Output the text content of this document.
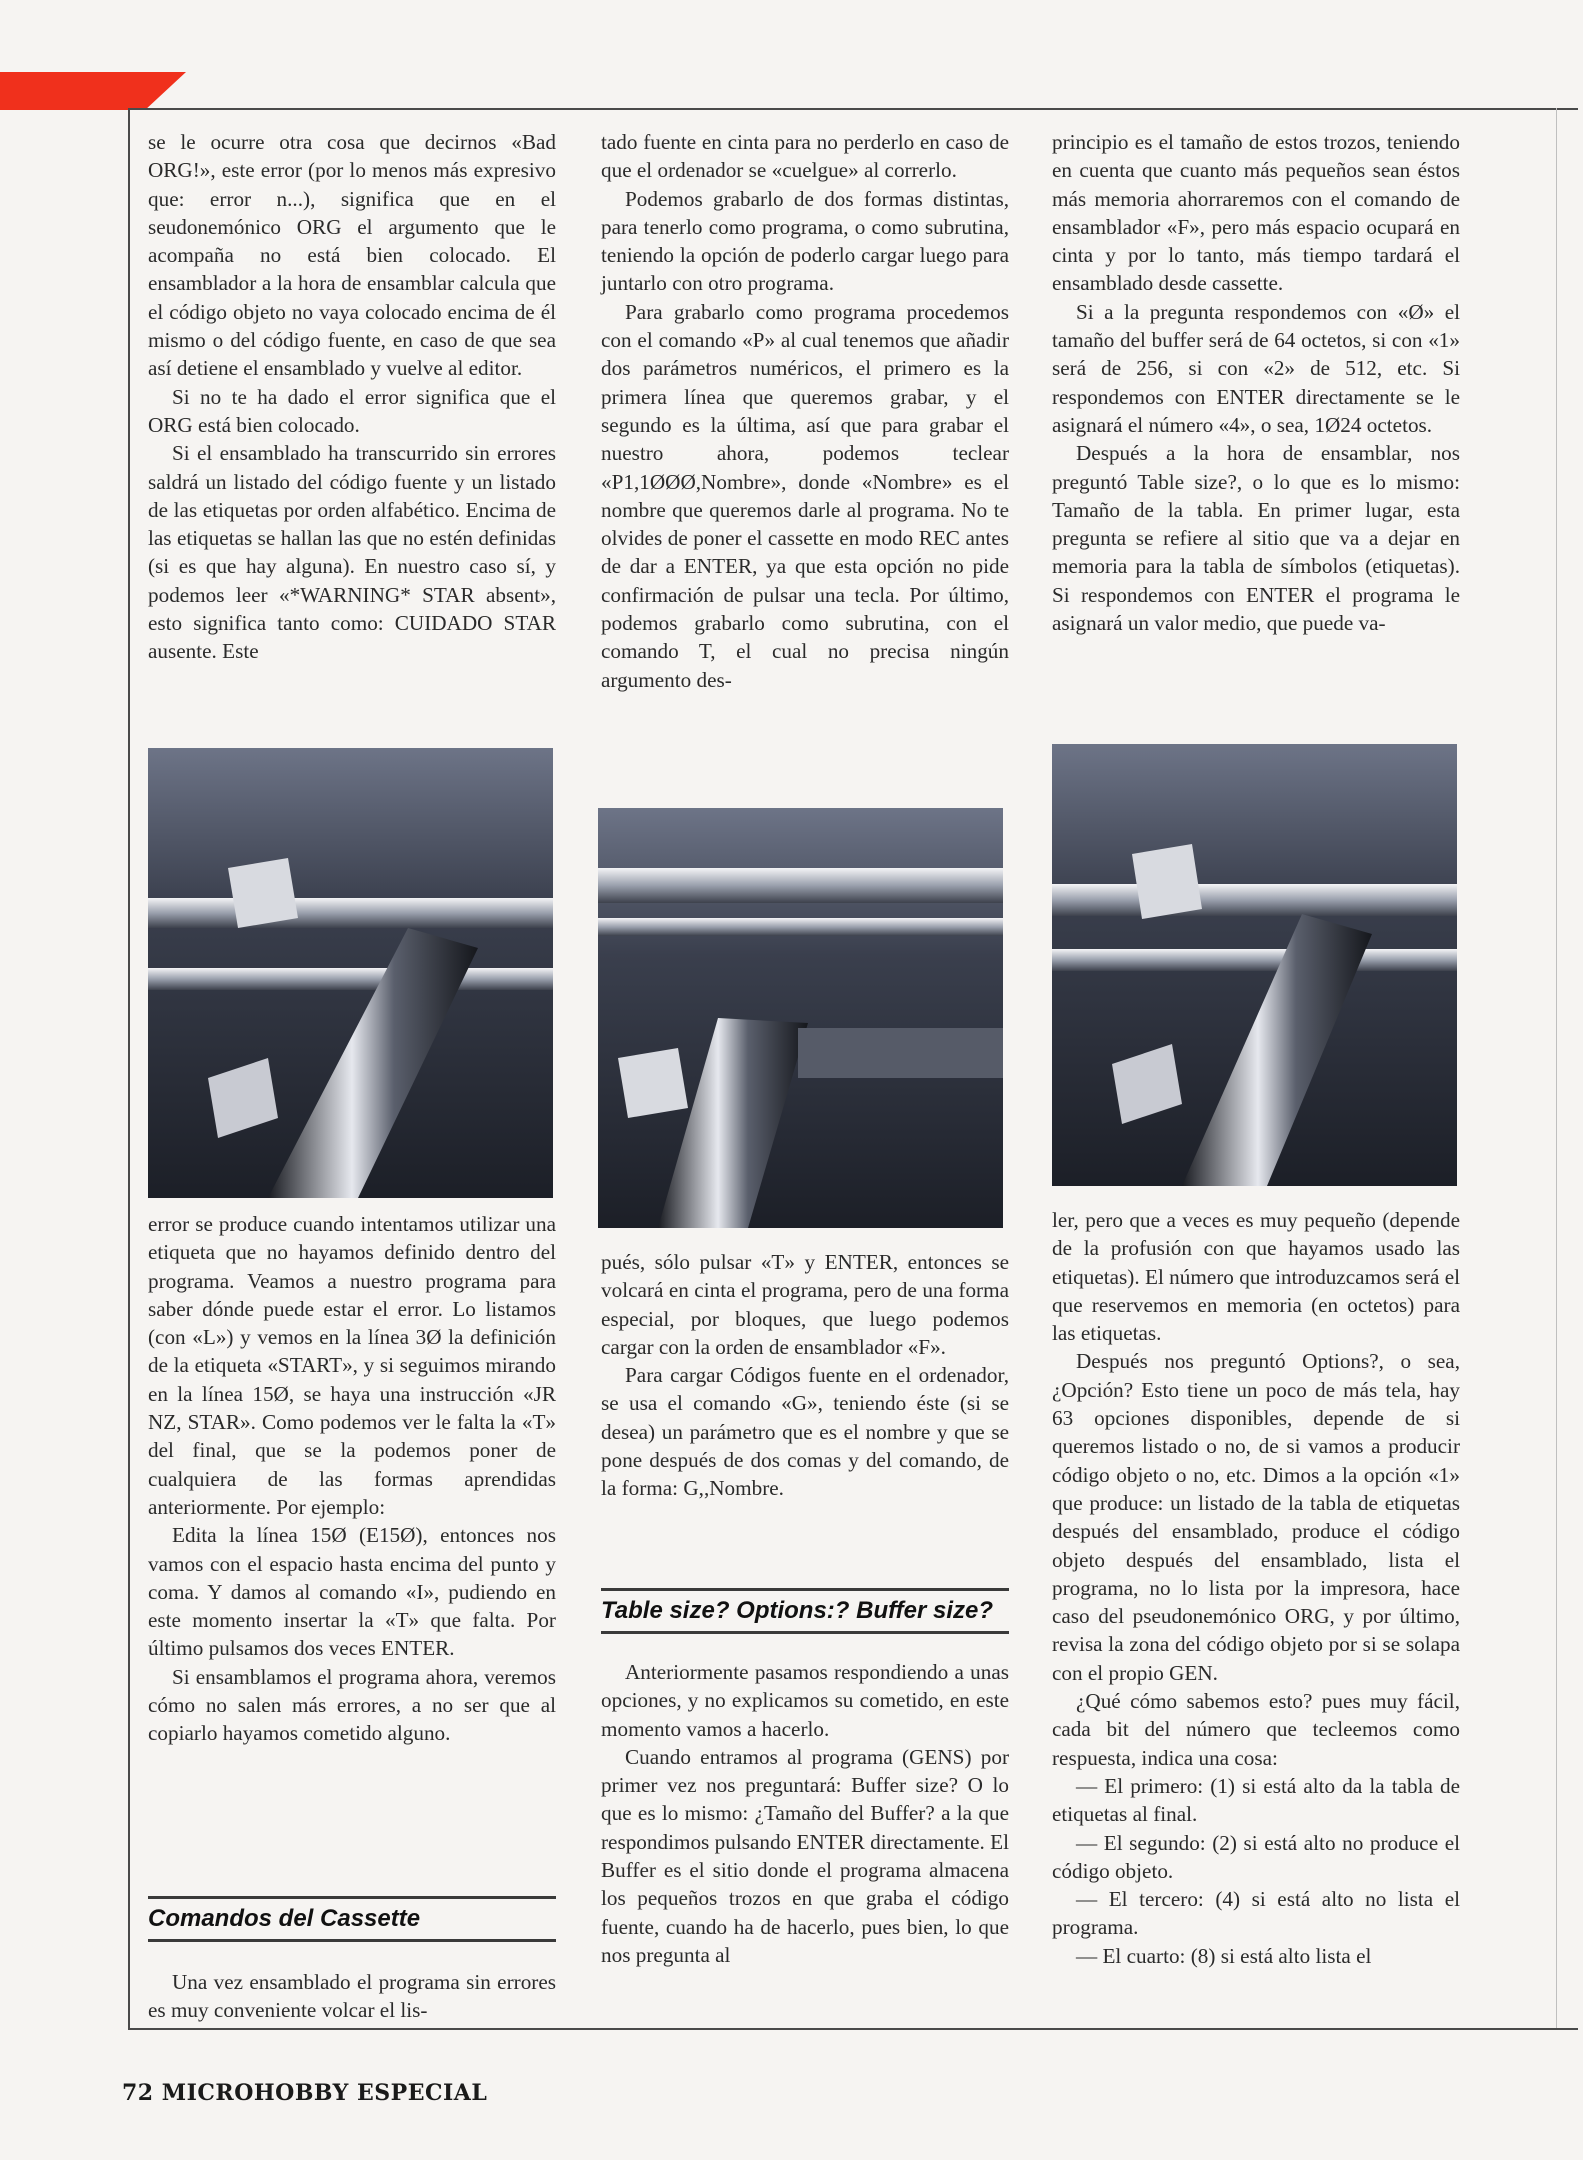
se le ocurre otra cosa que decirnos «Bad ORG!», este error (por lo menos más expresivo que: error n...), significa que en el seudonemónico ORG el argumento que le acompaña no está bien colocado. El ensamblador a la hora de ensamblar calcula que el código objeto no vaya colocado encima de él mismo o del código fuente, en caso de que sea así detiene el ensamblado y vuelve al editor.

Si no te ha dado el error significa que el ORG está bien colocado.

Si el ensamblado ha transcurrido sin errores saldrá un listado del código fuente y un listado de las etiquetas por orden alfabético. Encima de las etiquetas se hallan las que no estén definidas (si es que hay alguna). En nuestro caso sí, y podemos leer «*WARNING* STAR absent», esto significa tanto como: CUIDADO STAR ausente. Este

error se produce cuando intentamos utilizar una etiqueta que no hayamos definido dentro del programa. Veamos a nuestro programa para saber dónde puede estar el error. Lo listamos (con «L») y vemos en la línea 3Ø la definición de la etiqueta «START», y si seguimos mirando en la línea 15Ø, se haya una instrucción «JR NZ, STAR». Como podemos ver le falta la «T» del final, que se la podemos poner de cualquiera de las formas aprendidas anteriormente. Por ejemplo:

Edita la línea 15Ø (E15Ø), entonces nos vamos con el espacio hasta encima del punto y coma. Y damos al comando «I», pudiendo en este momento insertar la «T» que falta. Por último pulsamos dos veces ENTER.

Si ensamblamos el programa ahora, veremos cómo no salen más errores, a no ser que al copiarlo hayamos cometido alguno.

Comandos del Cassette

Una vez ensamblado el programa sin errores es muy conveniente volcar el lis-

tado fuente en cinta para no perderlo en caso de que el ordenador se «cuelgue» al correrlo.

Podemos grabarlo de dos formas distintas, para tenerlo como programa, o como subrutina, teniendo la opción de poderlo cargar luego para juntarlo con otro programa.

Para grabarlo como programa procedemos con el comando «P» al cual tenemos que añadir dos parámetros numéricos, el primero es la primera línea que queremos grabar, y el segundo es la última, así que para grabar el nuestro ahora, podemos teclear «P1,1ØØØ,Nombre», donde «Nombre» es el nombre que queremos darle al programa. No te olvides de poner el cassette en modo REC antes de dar a ENTER, ya que esta opción no pide confirmación de pulsar una tecla. Por último, podemos grabarlo como subrutina, con el comando T, el cual no precisa ningún argumento des-

pués, sólo pulsar «T» y ENTER, entonces se volcará en cinta el programa, pero de una forma especial, por bloques, que luego podemos cargar con la orden de ensamblador «F».

Para cargar Códigos fuente en el ordenador, se usa el comando «G», teniendo éste (si se desea) un parámetro que es el nombre y que se pone después de dos comas y del comando, de la forma: G,,Nombre.

Table size? Options:? Buffer size?

Anteriormente pasamos respondiendo a unas opciones, y no explicamos su cometido, en este momento vamos a hacerlo.

Cuando entramos al programa (GENS) por primer vez nos preguntará: Buffer size? O lo que es lo mismo: ¿Tamaño del Buffer? a la que respondimos pulsando ENTER directamente. El Buffer es el sitio donde el programa almacena los pequeños trozos en que graba el código fuente, cuando ha de hacerlo, pues bien, lo que nos pregunta al

principio es el tamaño de estos trozos, teniendo en cuenta que cuanto más pequeños sean éstos más memoria ahorraremos con el comando de ensamblador «F», pero más espacio ocupará en cinta y por lo tanto, más tiempo tardará el ensamblado desde cassette.

Si a la pregunta respondemos con «Ø» el tamaño del buffer será de 64 octetos, si con «1» será de 256, si con «2» de 512, etc. Si respondemos con ENTER directamente se le asignará el número «4», o sea, 1Ø24 octetos.

Después a la hora de ensamblar, nos preguntó Table size?, o lo que es lo mismo: Tamaño de la tabla. En primer lugar, esta pregunta se refiere al sitio que va a dejar en memoria para la tabla de símbolos (etiquetas). Si respondemos con ENTER el programa le asignará un valor medio, que puede va-

ler, pero que a veces es muy pequeño (depende de la profusión con que hayamos usado las etiquetas). El número que introduzcamos será el que reservemos en memoria (en octetos) para las etiquetas.

Después nos preguntó Options?, o sea, ¿Opción? Esto tiene un poco de más tela, hay 63 opciones disponibles, depende de si queremos listado o no, de si vamos a producir código objeto o no, etc. Dimos a la opción «1» que produce: un listado de la tabla de etiquetas después del ensamblado, produce el código objeto después del ensamblado, lista el programa, no lo lista por la impresora, hace caso del pseudonemónico ORG, y por último, revisa la zona del código objeto por si se solapa con el propio GEN.

¿Qué cómo sabemos esto? pues muy fácil, cada bit del número que tecleemos como respuesta, indica una cosa:

— El primero: (1) si está alto da la tabla de etiquetas al final.

— El segundo: (2) si está alto no produce el código objeto.

— El tercero: (4) si está alto no lista el programa.

— El cuarto: (8) si está alto lista el

72 MICROHOBBY ESPECIAL
